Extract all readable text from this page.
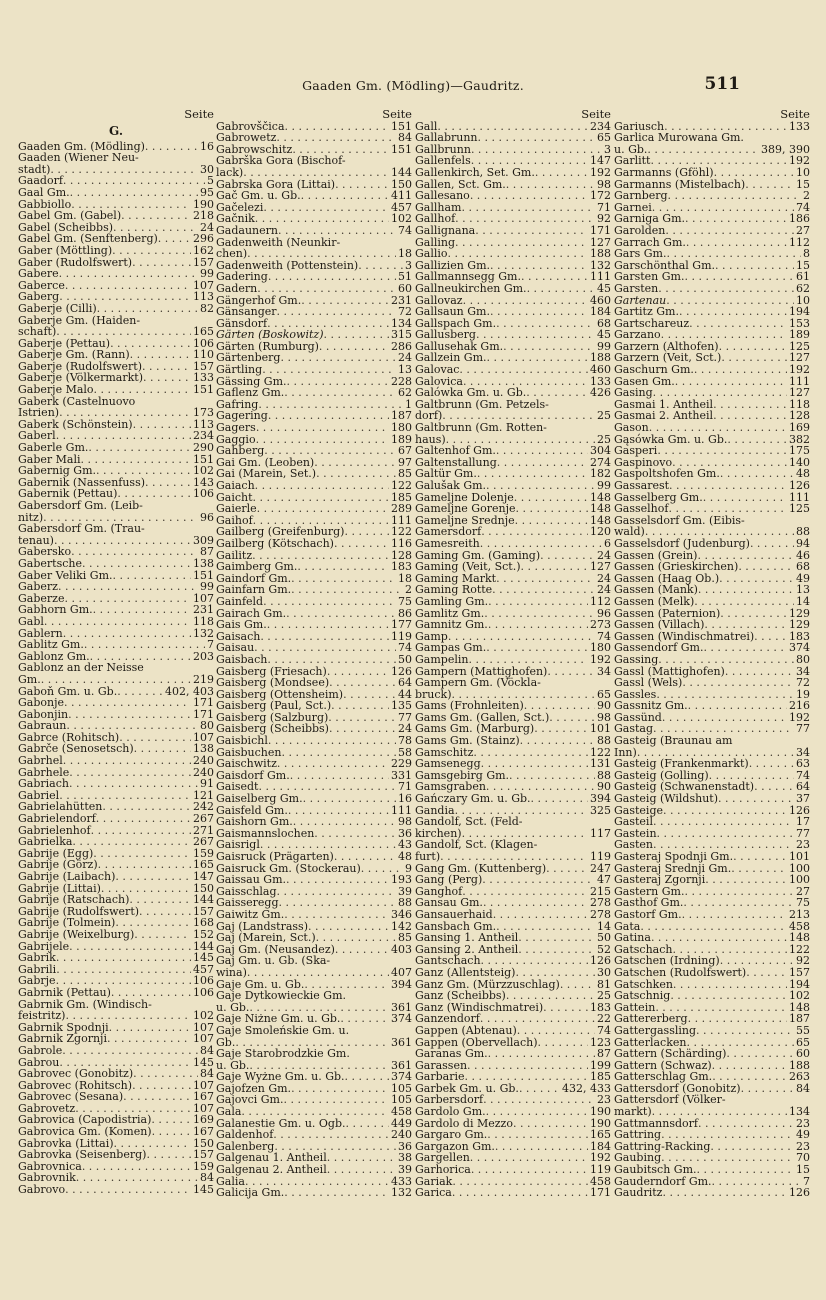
Gaaden Gm. (Mödling)—Gaudritz.	511
Seite
G.
Gaaden Gm. (Mödling) . . .	16
Gaaden (Wiener Neu-
stadt) . . .	30
Gaadorf . . .	5
Gaal Gm. . . .	95
Gabbiollo . . .	190
Gabel Gm. (Gabel) . . .	218
Gabel (Scheibbs) . . .	24
Gabel Gm. (Senftenberg) . . .	296
Gaber (Möttling) . . .	162
Gaber (Rudolfswert) . . .	157
Gabere . . .	99
Gaberce . . .	107
Gaberg . . .	113
Gaberje (Cilli) . . .	82
Gaberje Gm. (Haiden-
schaft) . . .	165
Gaberje (Pettau) . . .	106
Gaberje Gm. (Rann) . . .	110
Gaberje (Rudolfswert) . . .	157
Gaberje (Völkermarkt) . . .	133
Gaberje Malo . . .	151
Gaberk (Castelnuovo
Istrien) . . .	173
Gaberk (Schönstein) . . .	113
Gaberl . . .	234
Gaberle Gm. . . .	290
Gaber Mali . . .	151
Gabernig Gm. . . .	102
Gabernik (Nassenfuss) . . .	143
Gabernik (Pettau) . . .	106
Gabersdorf Gm. (Leib-
nitz) . . .	96
Gabersdorf Gm. (Trau-
tenau) . . .	309
Gabersko . . .	87
Gabertsche . . .	138
Gaber Veliki Gm. . . .	151
Gaberz . . .	99
Gaberze . . .	107
Gabhorn Gm. . . .	231
Gabl . . .	118
Gablern . . .	132
Gablitz Gm. . . .	7
Gablonz Gm. . . .	203
Gablonz an der Neisse
Gm. . . .	219
Gaboň Gm. u. Gb. . . .	402, 403
Gabonje . . .	171
Gabonjin . . .	171
Gabraun . . .	80
Gabrce (Rohitsch) . . .	107
Gabrče (Senosetsch) . . .	138
Gabrhel . . .	240
Gabrhele . . .	240
Gabriach . . .	91
Gabriel . . .	121
Gabrielahütten . . .	242
Gabrielendorf . . .	267
Gabrielenhof . . .	271
Gabrielka . . .	267
Gabrije (Egg) . . .	159
Gabrije (Görz) . . .	165
Gabrije (Laibach) . . .	147
Gabrije (Littai) . . .	150
Gabrije (Ratschach) . . .	144
Gabrije (Rudolfswert) . . .	157
Gabrije (Tolmein) . . .	168
Gabrije (Weixelburg) . . .	152
Gabrijele . . .	144
Gabrik . . .	145
Gabrili . . .	457
Gabrje . . .	106
Gabrnik (Pettau) . . .	106
Gabrnik Gm. (Windisch-
feistritz) . . .	102
Gabrnik Spodnji . . .	107
Gabrnik Zgornji . . .	107
Gabrole . . .	84
Gabrou . . .	145
Gabrovec (Gonobitz) . . .	84
Gabrovec (Rohitsch) . . .	107
Gabrovec (Sesana) . . .	167
Gabrovetz . . .	107
Gabrovica (Capodistria) . . .	169
Gabrovica Gm. (Komen) . . .	167
Gabrovka (Littai) . . .	150
Gabrovka (Seisenberg) . . .	157
Gabrovnica . . .	159
Gabrovnik . . .	84
Gabrovo . . .	145
Seite
Gabrovščica . . .	151
Gabrowetz . . .	84
Gabrowschitz . . .	151
Gabrška Gora (Bischof-
lack) . . .	144
Gabrska Gora (Littai) . . .	150
Gač Gm. u. Gb. . . .	411
Gačelezi . . .	457
Gačnik . . .	102
Gadaunern . . .	74
Gadenweith (Neunkir-
chen) . . .	18
Gadenweith (Pottenstein) . . .	3
Gadering . . .	51
Gadern . . .	60
Gängerhof Gm. . . .	231
Gänsanger . . .	72
Gänsdorf . . .	134
Gärten (Boskowitz) . . .	315
Gärten (Rumburg) . . .	286
Gärtenberg . . .	24
Gärtling . . .	13
Gässing Gm. . . .	228
Gaflenz Gm. . . .	62
Gafring . . .	1
Gagering . . .	187
Gagers . . .	180
Gaggio . . .	189
Gahberg . . .	67
Gai Gm. (Leoben) . . .	97
Gai (Marein, Set.) . . .	85
Gaiach . . .	122
Gaicht . . .	185
Gaierle . . .	289
Gaihof . . .	111
Gailberg (Greifenburg) . . .	122
Gailberg (Kötschach) . . .	116
Gailitz . . .	128
Gaimberg Gm. . . .	183
Gaindorf Gm. . . .	18
Gainfarn Gm. . . .	2
Gainfeld . . .	75
Gairach Gm. . . .	86
Gais Gm. . . .	177
Gaisach . . .	119
Gaisau . . .	74
Gaisbach . . .	50
Gaisberg (Friesach) . . .	126
Gaisberg (Mondsee) . . .	64
Gaisberg (Ottensheim) . . .	44
Gaisberg (Paul, Sct.) . . .	135
Gaisberg (Salzburg) . . .	77
Gaisberg (Scheibbs) . . .	24
Gaisbichl . . .	78
Gaisbuchen . . .	58
Gaischwitz . . .	229
Gaisdorf Gm. . . .	331
Gaisedt . . .	71
Gaiselberg Gm. . . .	16
Gaisfeld Gm. . . .	111
Gaishorn Gm. . . .	98
Gaismannslochen . . .	36
Gaisrigl . . .	43
Gaisruck (Prägarten) . . .	48
Gaisruck Gm. (Stockerau) . . .	9
Gaissau Gm. . . .	193
Gaisschlag . . .	39
Gaisseregg . . .	88
Gaiwitz Gm. . . .	346
Gaj (Landstrass) . . .	142
Gaj (Marein, Sct.) . . .	85
Gaj Gm. (Neusandez) . . .	403
Gaj Gm. u. Gb. (Ska-
wina) . . .	407
Gaje Gm. u. Gb. . . .	394
Gaje Dytkowieckie Gm.
u. Gb. . . .	361
Gaje Niżne Gm. u. Gb. . . .	374
Gaje Smoleńskie Gm. u.
Gb. . . .	361
Gaje Starobrodzkie Gm.
u. Gb. . . .	361
Gaje Wyżne Gm. u. Gb. . . .	374
Gajofzen Gm. . . .	105
Gajovci Gm. . . .	105
Gala . . .	458
Galanestie Gm. u. Ogb. . . .	449
Galdenhof . . .	240
Galenberg . . .	36
Galgenau 1. Antheil . . .	38
Galgenau 2. Antheil . . .	39
Galia . . .	433
Galicija Gm. . . .	132
Seite
Gall . . .	234
Gallabrunn . . .	65
Gallbrunn . . .	3
Gallenfels . . .	147
Gallenkirch, Set. Gm. . . .	192
Gallen, Sct. Gm. . . .	98
Gallesano . . .	172
Gallham . . .	71
Gallhof . . .	92
Gallignana . . .	171
Galling . . .	127
Gallio . . .	188
Gallizien Gm. . . .	132
Gallmannsegg Gm. . . .	111
Gallneukirchen Gm. . . .	45
Gallovaz . . .	460
Gallsaun Gm. . . .	184
Gallspach Gm. . . .	68
Gallusberg . . .	45
Gallusehak Gm. . . .	99
Gallzein Gm. . . .	188
Galovac . . .	460
Galovica . . .	133
Galówka Gm. u. Gb. . . .	426
Galtbrunn (Gm. Petzels-
dorf) . . .	25
Galtbrunn (Gm. Rotten-
haus) . . .	25
Galtenhof Gm. . . .	304
Galtenstallung . . .	274
Galtür Gm. . . .	182
Galušak Gm. . . .	99
Gameljne Dolenje . . .	148
Gameljne Gorenje . . .	148
Gameljne Srednje . . .	148
Gamersdorf . . .	120
Gamesreith . . .	6
Gaming Gm. (Gaming) . . .	24
Gaming (Veit, Sct.) . . .	127
Gaming Markt . . .	24
Gaming Rotte . . .	24
Gamling Gm. . . .	112
Gamlitz Gm. . . .	96
Gamnitz Gm. . . .	273
Gamp . . .	74
Gampas Gm. . . .	180
Gampelin . . .	192
Gampern (Mattighofen) . . .	34
Gampern Gm. (Vöckla-
bruck) . . .	65
Gams (Frohnleiten) . . .	90
Gams Gm. (Gallen, Sct.) . . .	98
Gams Gm. (Marburg) . . .	101
Gams Gm. (Stainz) . . .	88
Gamschitz . . .	122
Gamsenegg . . .	131
Gamsgebirg Gm. . . .	88
Gamsgraben . . .	90
Gańczary Gm. u. Gb. . . .	394
Gandia . . .	325
Gandolf, Sct. (Feld-
kirchen) . . .	117
Gandolf, Sct. (Klagen-
furt) . . .	119
Gang Gm. (Kuttenberg) . . .	247
Gang (Perg) . . .	47
Ganghof . . .	215
Gansau Gm. . . .	278
Gansauerhaid . . .	278
Gansbach Gm. . . .	14
Gansing 1. Antheil . . .	50
Gansing 2. Antheil . . .	52
Gantschach . . .	126
Ganz (Allentsteig) . . .	30
Ganz Gm. (Mürzzuschlag) . . .	81
Ganz (Scheibbs) . . .	25
Ganz (Windischmatrei) . . .	183
Ganzendorf . . .	22
Gappen (Abtenau) . . .	74
Gappen (Obervellach) . . .	123
Garanas Gm. . . .	87
Garassen . . .	199
Garbarie . . .	185
Garbek Gm. u. Gb. . . .	432, 433
Garbersdorf . . .	23
Gardolo Gm. . . .	190
Gardolo di Mezzo . . .	190
Gargaro Gm. . . .	165
Gargazon Gm. . . .	184
Gargellen . . .	192
Garhorica . . .	119
Gariak . . .	458
Garica . . .	171
Seite
Gariusch . . .	133
Garlica Murowana Gm.
u. Gb. . . .	389, 390
Garlitt . . .	192
Garmanns (Gföhl) . . .	10
Garmanns (Mistelbach) . . .	15
Garnberg . . .	2
Garnei . . .	74
Garniga Gm. . . .	186
Garolden . . .	27
Garrach Gm. . . .	112
Gars Gm. . . .	8
Garschönthal Gm. . . .	15
Garsten Gm. . . .	61
Garsten . . .	62
Gartenau . . .	10
Gartitz Gm. . . .	194
Gartschareuz . . .	153
Garzano . . .	189
Garzern (Althofen) . . .	125
Garzern (Veit, Sct.) . . .	127
Gaschurn Gm. . . .	192
Gasen Gm. . . .	111
Gasing . . .	127
Gasmai 1. Antheil . . .	118
Gasmai 2. Antheil . . .	128
Gason . . .	169
Gąsówka Gm. u. Gb. . . .	382
Gasperi . . .	175
Gaspinovo . . .	140
Gaspoltshofen Gm. . . .	48
Gassarest . . .	126
Gasselberg Gm. . . .	111
Gasselhof . . .	125
Gasselsdorf Gm. (Eibis-
wald) . . .	88
Gasselsdorf (Judenburg) . . .	94
Gassen (Grein) . . .	46
Gassen (Grieskirchen) . . .	68
Gassen (Haag Ob.) . . .	49
Gassen (Mank) . . .	13
Gassen (Melk) . . .	14
Gassen (Paternion) . . .	129
Gassen (Villach) . . .	129
Gassen (Windischmatrei) . . .	183
Gassendorf Gm. . . .	374
Gassing . . .	80
Gassl (Mattighofen) . . .	34
Gassl (Wels) . . .	72
Gassles . . .	19
Gassnitz Gm. . . .	216
Gassünd . . .	192
Gastag . . .	77
Gasteig (Braunau am
Inn) . . .	34
Gasteig (Frankenmarkt) . . .	63
Gasteig (Golling) . . .	74
Gasteig (Schwanenstadt) . . .	64
Gasteig (Wildshut) . . .	37
Gasteige . . .	126
Gasteil . . .	17
Gastein . . .	77
Gasten . . .	23
Gasteraj Spodnji Gm. . . .	101
Gasteraj Srednji Gm. . . .	100
Gasteraj Zgornji . . .	100
Gastern Gm. . . .	27
Gasthof Gm. . . .	75
Gastorf Gm. . . .	213
Gata . . .	458
Gatina . . .	148
Gatschach . . .	122
Gatschen (Irdning) . . .	92
Gatschen (Rudolfswert) . . .	157
Gatschken . . .	194
Gatschnig . . .	102
Gattein . . .	148
Gattererberg . . .	187
Gattergassling . . .	55
Gatterlacken . . .	65
Gattern (Schärding) . . .	60
Gattern (Schwaz) . . .	188
Gatterschlag Gm. . . .	263
Gattersdorf (Gonobitz) . . .	84
Gattersdorf (Völker-
markt) . . .	134
Gattmannsdorf . . .	23
Gattring . . .	49
Gattring-Racking . . .	23
Gaubing . . .	70
Gaubitsch Gm. . . .	15
Gauderndorf Gm. . . .	7
Gaudritz . . .	126
